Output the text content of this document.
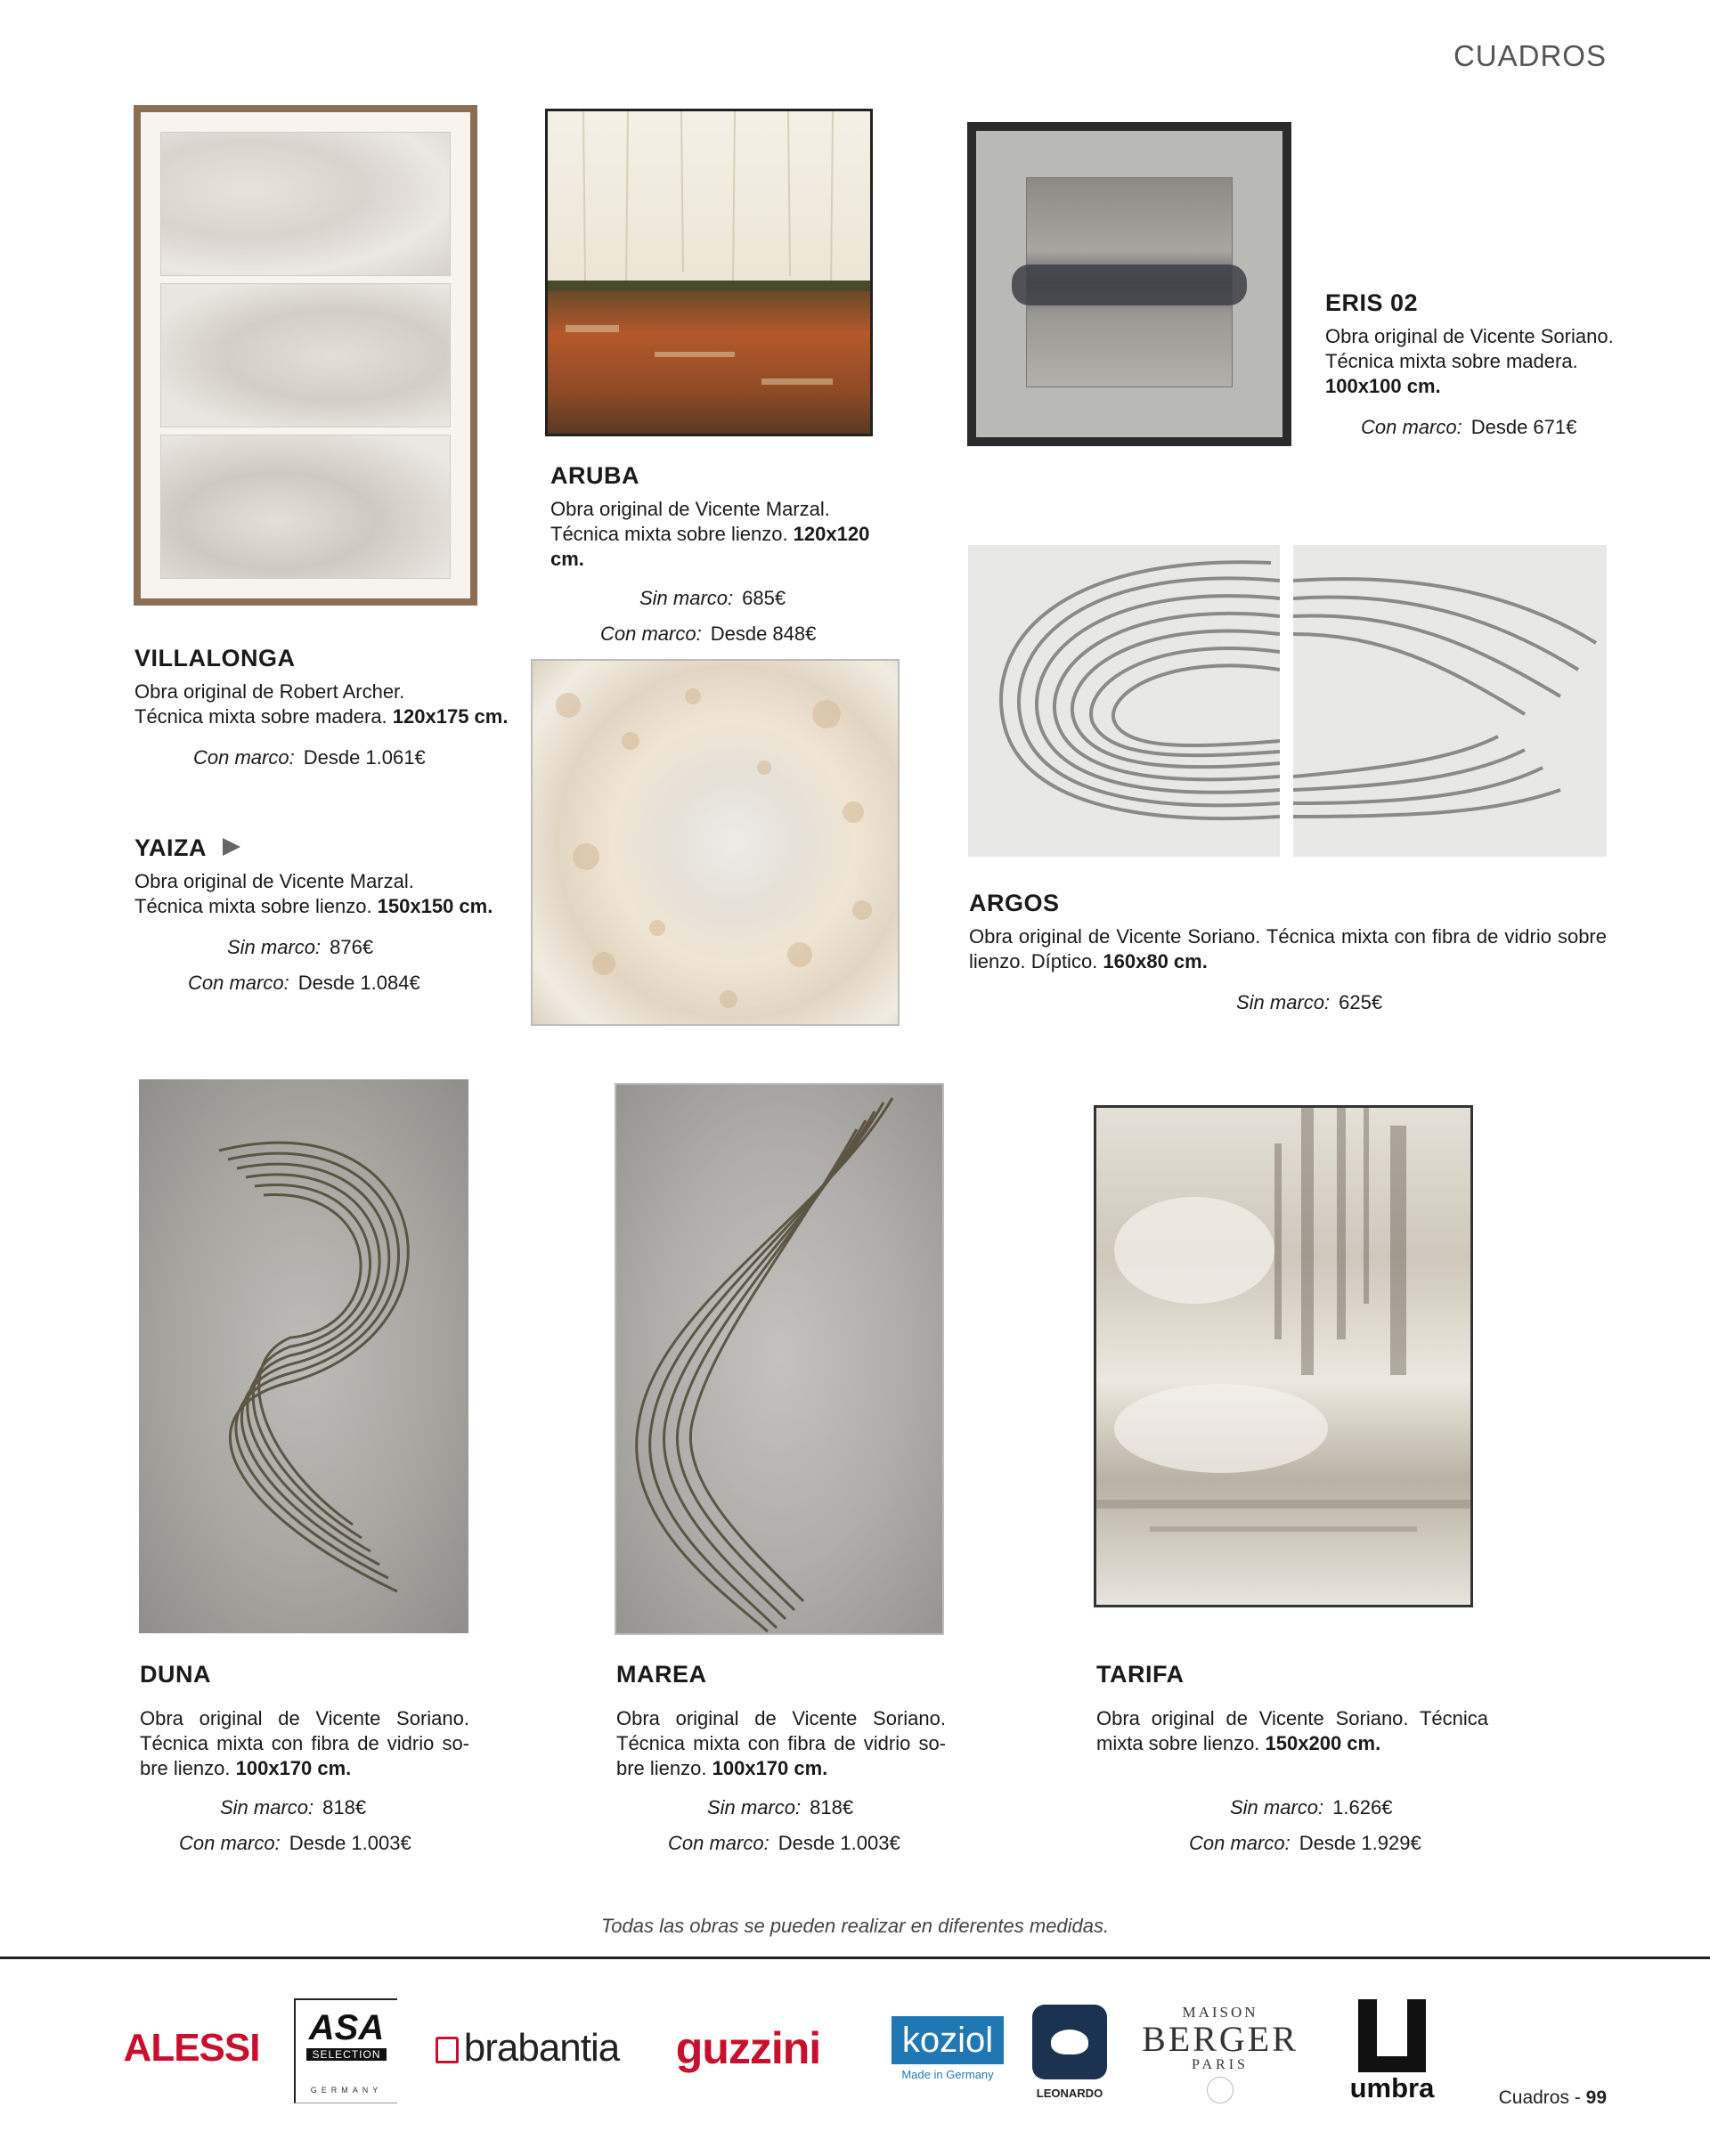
CUADROS
VILLALONGA
Obra original de Robert Archer.
Técnica mixta sobre madera. 120x175 cm.
Con marco: Desde 1.061€
ARUBA
Obra original de Vicente Marzal.
Técnica mixta sobre lienzo. 120x120 cm.
Sin marco: 685€
Con marco: Desde 848€
ERIS 02
Obra original de Vicente Soriano.
Técnica mixta sobre madera.
100x100 cm.
Con marco: Desde 671€
YAIZA
Obra original de Vicente Marzal.
Técnica mixta sobre lienzo. 150x150 cm.
Sin marco: 876€
Con marco: Desde 1.084€
ARGOS
Obra original de Vicente Soriano. Técnica mixta con fibra de vidrio sobre lienzo. Díptico. 160x80 cm.
Sin marco: 625€
DUNA
Obra original de Vicente Soriano. Técnica mixta con fibra de vidrio so-bre lienzo. 100x170 cm.
Sin marco: 818€
Con marco: Desde 1.003€
MAREA
Obra original de Vicente Soriano. Técnica mixta con fibra de vidrio so-bre lienzo. 100x170 cm.
Sin marco: 818€
Con marco: Desde 1.003€
TARIFA
Obra original de Vicente Soriano. Técnica mixta sobre lienzo. 150x200 cm.
Sin marco: 1.626€
Con marco: Desde 1.929€
Todas las obras se pueden realizar en diferentes medidas.
ALESSI ASA
SELECTION
GERMANY
brabantia guzzini	koziol
Made in Germany
LEONARDO
MAISON
BERGER
PARIS
umbra	Cuadros - 99
